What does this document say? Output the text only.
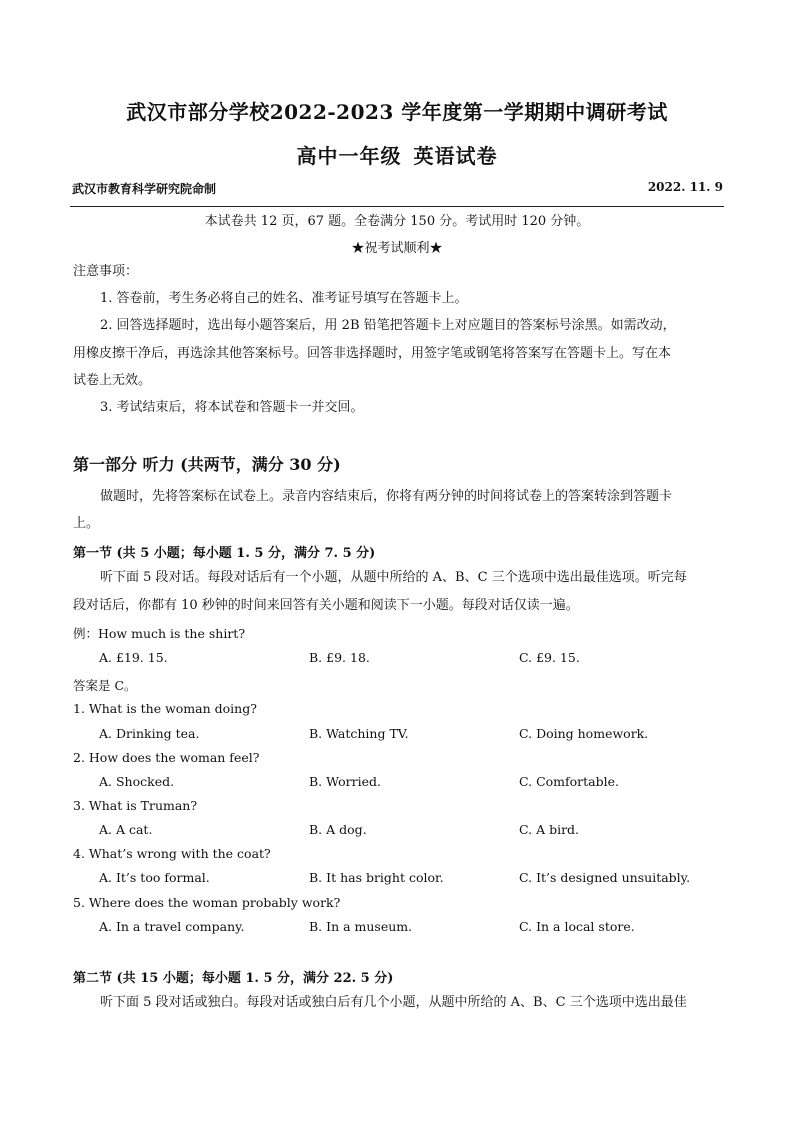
武汉市部分学校2022-2023 学年度第一学期期中调研考试
高中一年级 英语试卷
武汉市教育科学研究院命制	2022. 11. 9
本试卷共 12 页，67 题。全卷满分 150 分。考试用时 120 分钟。
★祝考试顺利★
注意事项：
1. 答卷前，考生务必将自己的姓名、准考证号填写在答题卡上。
2. 回答选择题时，选出每小题答案后，用 2B 铅笔把答题卡上对应题目的答案标号涂黑。如需改动，
用橡皮擦干净后，再选涂其他答案标号。回答非选择题时，用签字笔或钢笔将答案写在答题卡上。写在本
试卷上无效。
3. 考试结束后，将本试卷和答题卡一并交回。
第一部分 听力 (共两节，满分 30 分)
做题时，先将答案标在试卷上。录音内容结束后，你将有两分钟的时间将试卷上的答案转涂到答题卡
上。
第一节 (共 5 小题；每小题 1. 5 分，满分 7. 5 分)
听下面 5 段对话。每段对话后有一个小题，从题中所给的 A、B、C 三个选项中选出最佳选项。听完每
段对话后，你都有 10 秒钟的时间来回答有关小题和阅读下一小题。每段对话仅读一遍。
例：How much is the shirt?
A. £19. 15.	B. £9. 18.	C. £9. 15.
答案是 C。
1. What is the woman doing?
A. Drinking tea.	B. Watching TV.	C. Doing homework.
2. How does the woman feel?
A. Shocked.	B. Worried.	C. Comfortable.
3. What is Truman?
A. A cat.	B. A dog.	C. A bird.
4. What’s wrong with the coat?
A. It’s too formal.	B. It has bright color.	C. It’s designed unsuitably.
5. Where does the woman probably work?
A. In a travel company.	B. In a museum.	C. In a local store.
第二节 (共 15 小题；每小题 1. 5 分，满分 22. 5 分)
听下面 5 段对话或独白。每段对话或独白后有几个小题，从题中所给的 A、B、C 三个选项中选出最佳
